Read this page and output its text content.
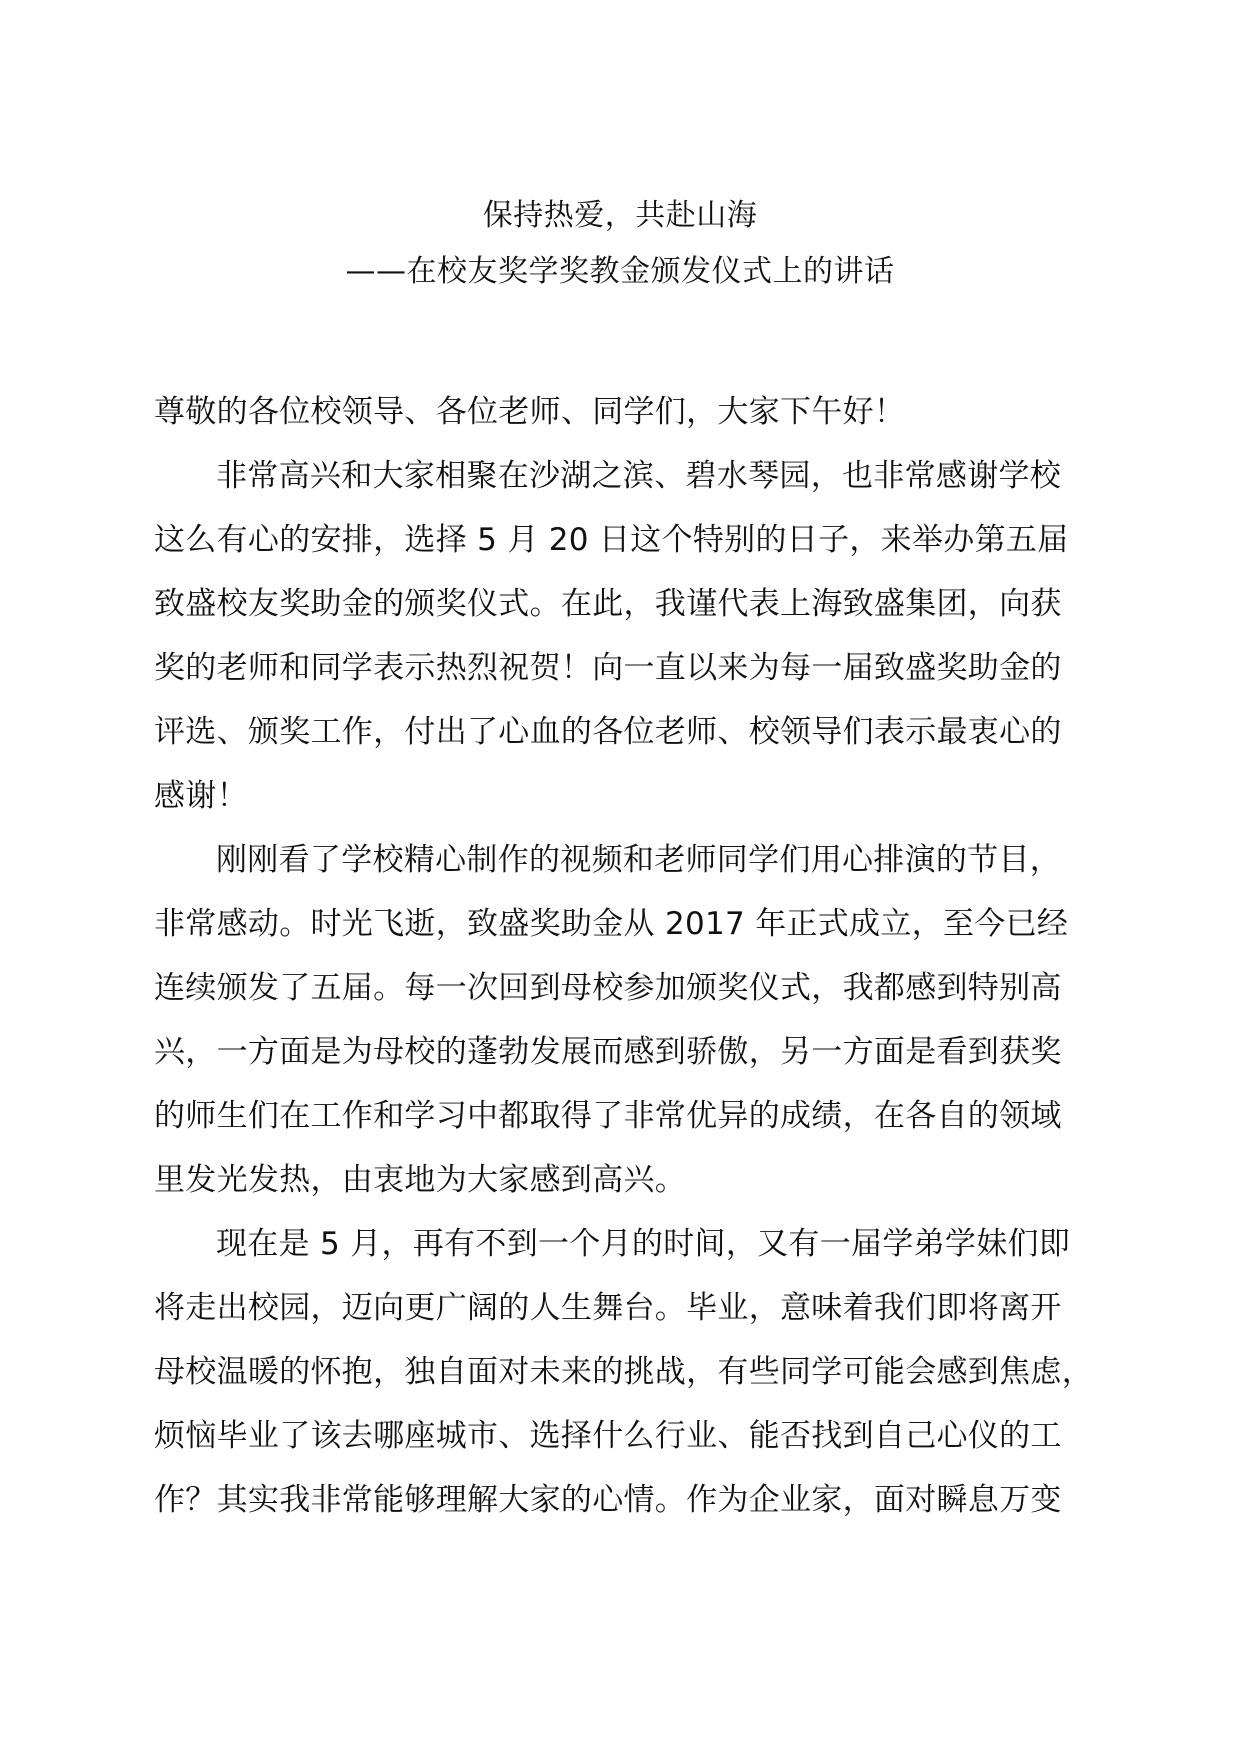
保持热爱，共赴山海
——在校友奖学奖教金颁发仪式上的讲话
尊敬的各位校领导、各位老师、同学们，大家下午好！
非常高兴和大家相聚在沙湖之滨、碧水琴园，也非常感谢学校
这么有心的安排，选择 5 月 20 日这个特别的日子，来举办第五届
致盛校友奖助金的颁奖仪式。在此，我谨代表上海致盛集团，向获
奖的老师和同学表示热烈祝贺！向一直以来为每一届致盛奖助金的
评选、颁奖工作，付出了心血的各位老师、校领导们表示最衷心的
感谢！
刚刚看了学校精心制作的视频和老师同学们用心排演的节目，
非常感动。时光飞逝，致盛奖助金从 2017 年正式成立，至今已经
连续颁发了五届。每一次回到母校参加颁奖仪式，我都感到特别高
兴，一方面是为母校的蓬勃发展而感到骄傲，另一方面是看到获奖
的师生们在工作和学习中都取得了非常优异的成绩，在各自的领域
里发光发热，由衷地为大家感到高兴。
现在是 5 月，再有不到一个月的时间，又有一届学弟学妹们即
将走出校园，迈向更广阔的人生舞台。毕业，意味着我们即将离开
母校温暖的怀抱，独自面对未来的挑战，有些同学可能会感到焦虑，
烦恼毕业了该去哪座城市、选择什么行业、能否找到自己心仪的工
作？其实我非常能够理解大家的心情。作为企业家，面对瞬息万变
